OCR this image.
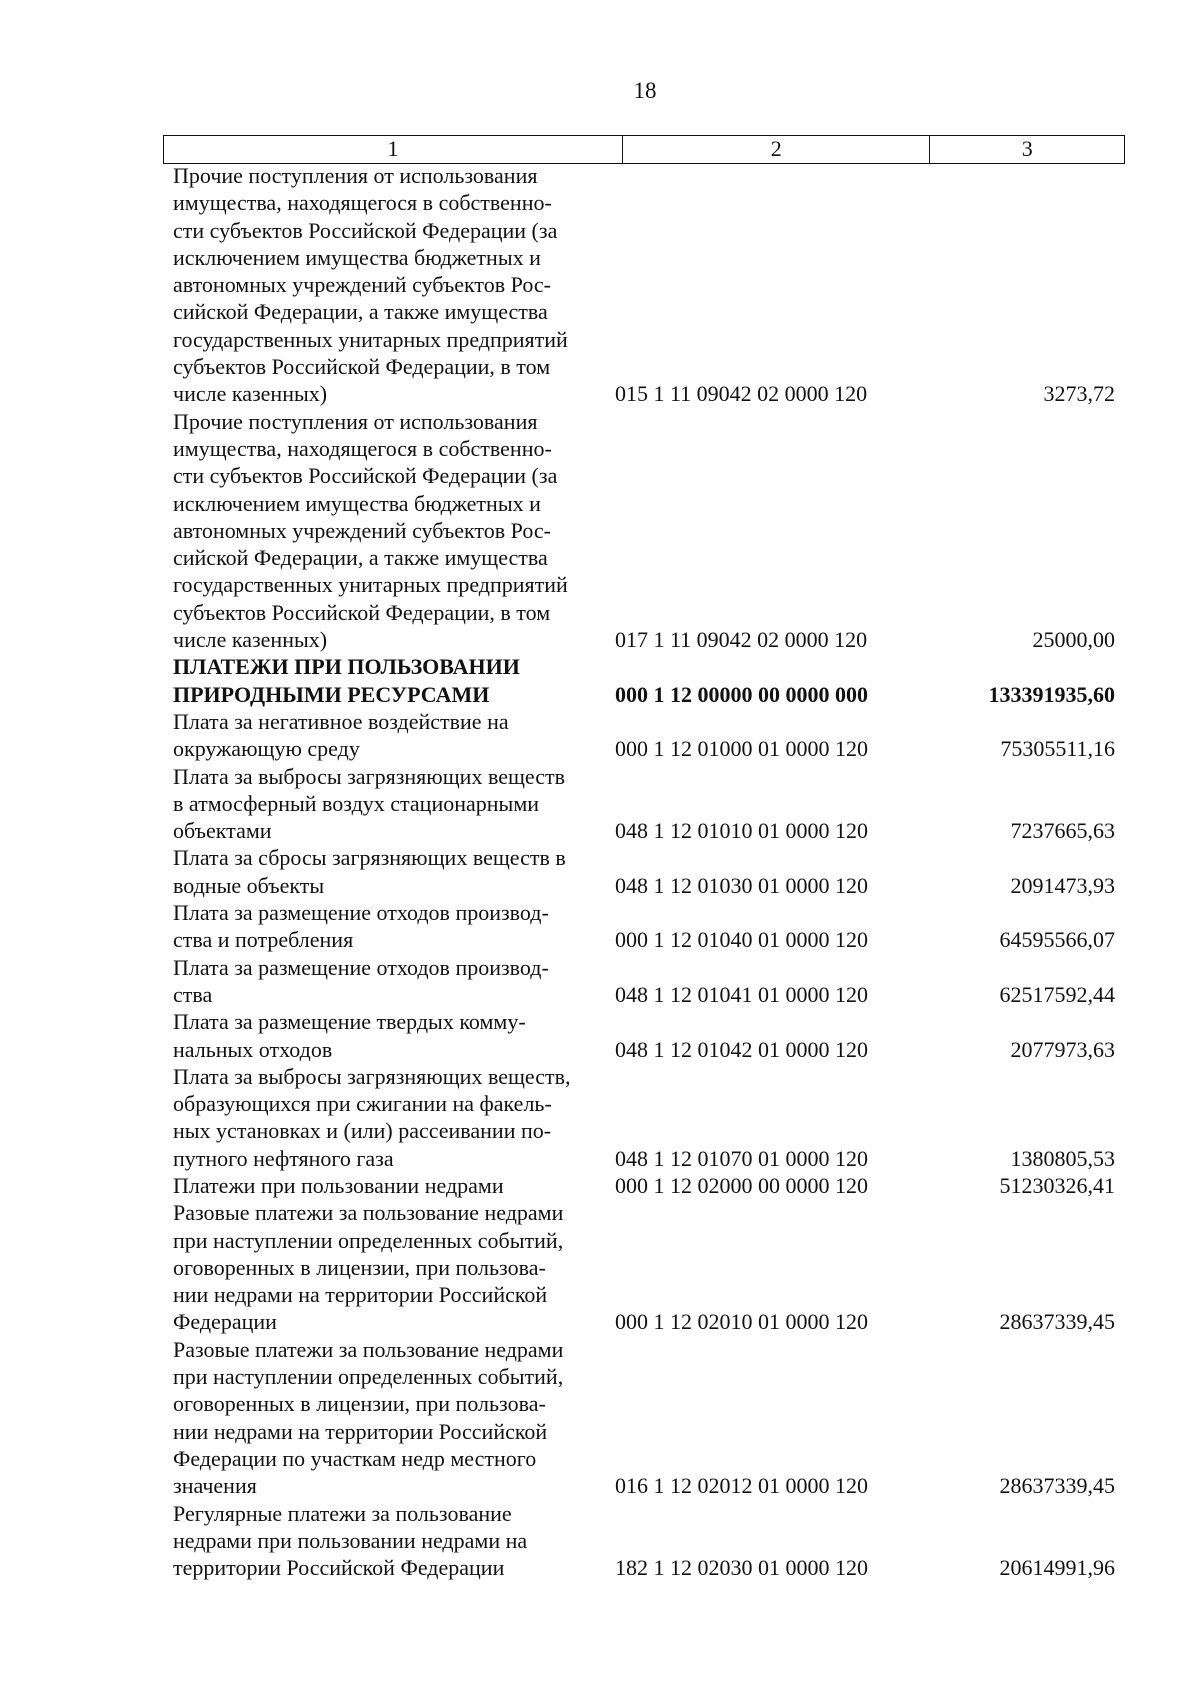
18
1	2	3
Прочие поступления от использования
имущества, находящегося в собственно-
сти субъектов Российской Федерации (за
исключением имущества бюджетных и
автономных учреждений субъектов Рос-
сийской Федерации, а также имущества
государственных унитарных предприятий
субъектов Российской Федерации, в том
числе казенных)	015 1 11 09042 02 0000 120	3273,72
Прочие поступления от использования
имущества, находящегося в собственно-
сти субъектов Российской Федерации (за
исключением имущества бюджетных и
автономных учреждений субъектов Рос-
сийской Федерации, а также имущества
государственных унитарных предприятий
субъектов Российской Федерации, в том
числе казенных)	017 1 11 09042 02 0000 120	25000,00
ПЛАТЕЖИ ПРИ ПОЛЬЗОВАНИИ
ПРИРОДНЫМИ РЕСУРСАМИ	000 1 12 00000 00 0000 000	133391935,60
Плата за негативное воздействие на
окружающую среду	000 1 12 01000 01 0000 120	75305511,16
Плата за выбросы загрязняющих веществ
в атмосферный воздух стационарными
объектами	048 1 12 01010 01 0000 120	7237665,63
Плата за сбросы загрязняющих веществ в
водные объекты	048 1 12 01030 01 0000 120	2091473,93
Плата за размещение отходов производ-
ства и потребления	000 1 12 01040 01 0000 120	64595566,07
Плата за размещение отходов производ-
ства	048 1 12 01041 01 0000 120	62517592,44
Плата за размещение твердых комму-
нальных отходов	048 1 12 01042 01 0000 120	2077973,63
Плата за выбросы загрязняющих веществ,
образующихся при сжигании на факель-
ных установках и (или) рассеивании по-
путного нефтяного газа	048 1 12 01070 01 0000 120	1380805,53
Платежи при пользовании недрами	000 1 12 02000 00 0000 120	51230326,41
Разовые платежи за пользование недрами
при наступлении определенных событий,
оговоренных в лицензии, при пользова-
нии недрами на территории Российской
Федерации	000 1 12 02010 01 0000 120	28637339,45
Разовые платежи за пользование недрами
при наступлении определенных событий,
оговоренных в лицензии, при пользова-
нии недрами на территории Российской
Федерации по участкам недр местного
значения	016 1 12 02012 01 0000 120	28637339,45
Регулярные платежи за пользование
недрами при пользовании недрами на
территории Российской Федерации	182 1 12 02030 01 0000 120	20614991,96
